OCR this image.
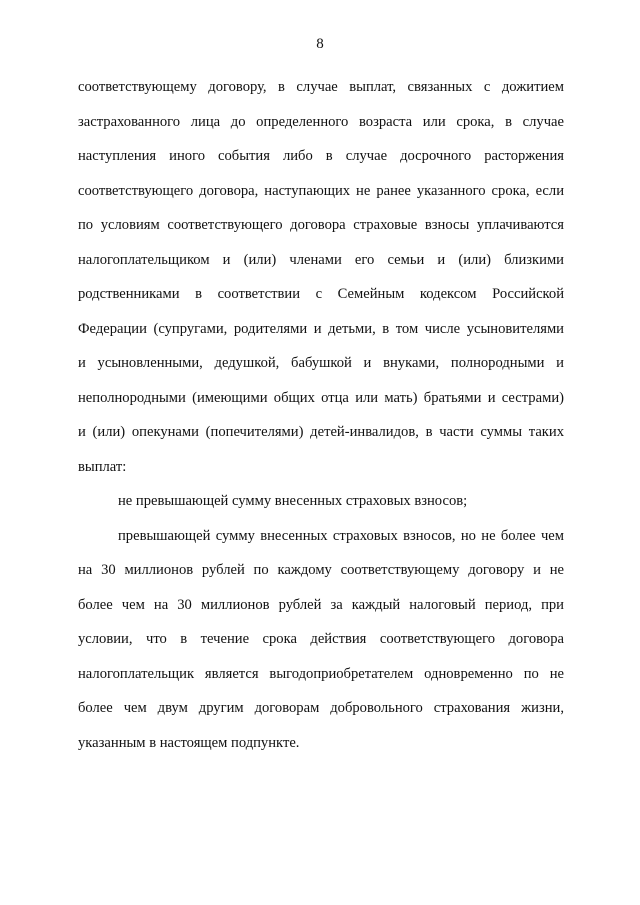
8
соответствующему договору, в случае выплат, связанных с дожитием
застрахованного лица до определенного возраста или срока, в случае
наступления иного события либо в случае досрочного расторжения
соответствующего договора, наступающих не ранее указанного срока, если
по условиям соответствующего договора страховые взносы уплачиваются
налогоплательщиком и (или) членами его семьи и (или) близкими
родственниками в соответствии с Семейным кодексом Российской
Федерации (супругами, родителями и детьми, в том числе усыновителями
и усыновленными, дедушкой, бабушкой и внуками, полнородными и
неполнородными (имеющими общих отца или мать) братьями и сестрами)
и (или) опекунами (попечителями) детей-инвалидов, в части суммы таких
выплат:
не превышающей сумму внесенных страховых взносов;
превышающей сумму внесенных страховых взносов, но не более чем
на 30 миллионов рублей по каждому соответствующему договору и не
более чем на 30 миллионов рублей за каждый налоговый период, при
условии, что в течение срока действия соответствующего договора
налогоплательщик является выгодоприобретателем одновременно по не
более чем двум другим договорам добровольного страхования жизни,
указанным в настоящем подпункте.
